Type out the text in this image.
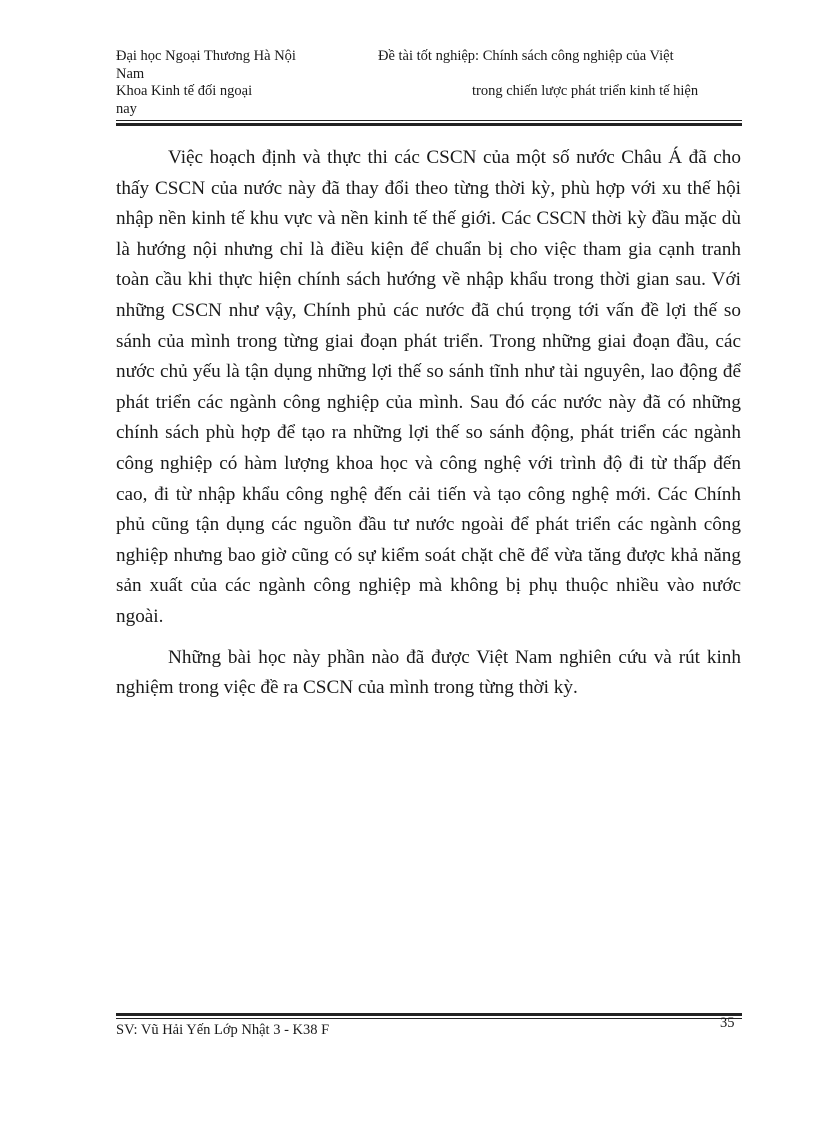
Đại học Ngoại Thương Hà Nội	Đề tài tốt nghiệp: Chính sách công nghiệp của Việt
Nam
Khoa Kinh tế đối ngoại	trong chiến lược phát triển kinh tế hiện
nay

Việc hoạch định và thực thi các CSCN của một số nước Châu Á đã cho thấy CSCN của nước này đã thay đổi theo từng thời kỳ, phù hợp với xu thế hội nhập nền kinh tế khu vực và nền kinh tế thế giới. Các CSCN thời kỳ đầu mặc dù là hướng nội nhưng chỉ là điều kiện để chuẩn bị cho việc tham gia cạnh tranh toàn cầu khi thực hiện chính sách hướng về nhập khẩu trong thời gian sau. Với những CSCN như vậy, Chính phủ các nước đã chú trọng tới vấn đề lợi thế so sánh của mình trong từng giai đoạn phát triển. Trong những giai đoạn đầu, các nước chủ yếu là tận dụng những lợi thế so sánh tĩnh như tài nguyên, lao động để phát triển các ngành công nghiệp của mình. Sau đó các nước này đã có những chính sách phù hợp để tạo ra những lợi thế so sánh động, phát triển các ngành công nghiệp có hàm lượng khoa học và công nghệ với trình độ đi từ thấp đến cao, đi từ nhập khẩu công nghệ đến cải tiến và tạo công nghệ mới. Các Chính phủ cũng tận dụng các nguồn đầu tư nước ngoài để phát triển các ngành công nghiệp nhưng bao giờ cũng có sự kiểm soát chặt chẽ để vừa tăng được khả năng sản xuất của các ngành công nghiệp mà không bị phụ thuộc nhiều vào nước ngoài.

Những bài học này phần nào đã được Việt Nam nghiên cứu và rút kinh nghiệm trong việc đề ra CSCN của mình trong từng thời kỳ.

SV: Vũ Hải Yến Lớp Nhật 3 - K38 F	35
